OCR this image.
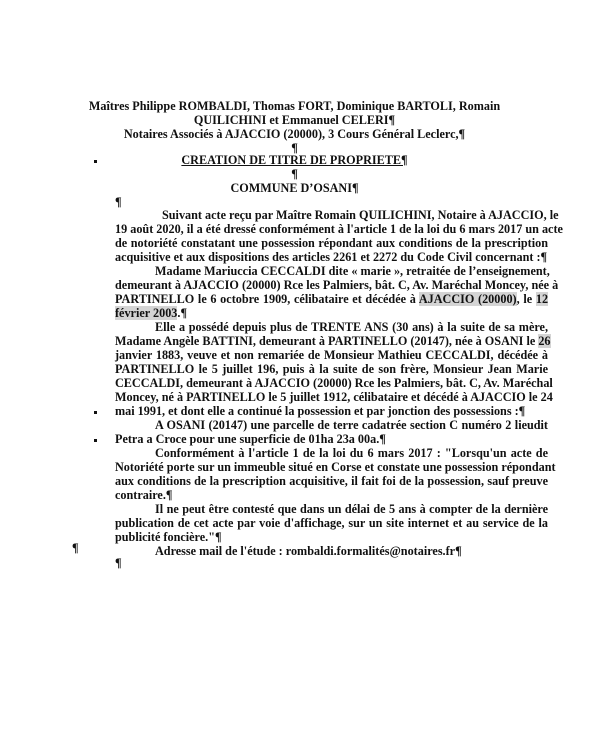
Maîtres Philippe ROMBALDI, Thomas FORT, Dominique BARTOLI, Romain
QUILICHINI et Emmanuel CELERI¶
Notaires Associés à AJACCIO (20000), 3 Cours Général Leclerc,¶
¶
CREATION DE TITRE DE PROPRIETE¶
¶
COMMUNE D’OSANI¶
¶
Suivant acte reçu par Maître Romain QUILICHINI, Notaire à AJACCIO, le
19 août 2020, il a été dressé conformément à l'article 1 de la loi du 6 mars 2017 un acte
de notoriété constatant une possession répondant aux conditions de la prescription
acquisitive et aux dispositions des articles 2261 et 2272 du Code Civil concernant :¶
Madame Mariuccia CECCALDI dite « marie », retraitée de l’enseignement,
demeurant à AJACCIO (20000) Rce les Palmiers, bât. C, Av. Maréchal Moncey, née à
PARTINELLO le 6 octobre 1909, célibataire et décédée à AJACCIO (20000), le 12
février 2003.¶
Elle a possédé depuis plus de TRENTE ANS (30 ans) à la suite de sa mère,
Madame Angèle BATTINI, demeurant à PARTINELLO (20147), née à OSANI le 26
janvier 1883, veuve et non remariée de Monsieur Mathieu CECCALDI, décédée à
PARTINELLO le 5 juillet 196, puis à la suite de son frère, Monsieur Jean Marie
CECCALDI, demeurant à AJACCIO (20000) Rce les Palmiers, bât. C, Av. Maréchal
Moncey, né à PARTINELLO le 5 juillet 1912, célibataire et décédé à AJACCIO le 24
mai 1991, et dont elle a continué la possession et par jonction des possessions :¶
A OSANI (20147) une parcelle de terre cadatrée section C numéro 2 lieudit
Petra a Croce pour une superficie de 01ha 23a 00a.¶
Conformément à l'article 1 de la loi du 6 mars 2017 : "Lorsqu'un acte de
Notoriété porte sur un immeuble situé en Corse et constate une possession répondant
aux conditions de la prescription acquisitive, il fait foi de la possession, sauf preuve
contraire.¶
Il ne peut être contesté que dans un délai de 5 ans à compter de la dernière
publication de cet acte par voie d'affichage, sur un site internet et au service de la
publicité foncière."¶
Adresse mail de l'étude : rombaldi.formalités@notaires.fr¶
¶
¶
